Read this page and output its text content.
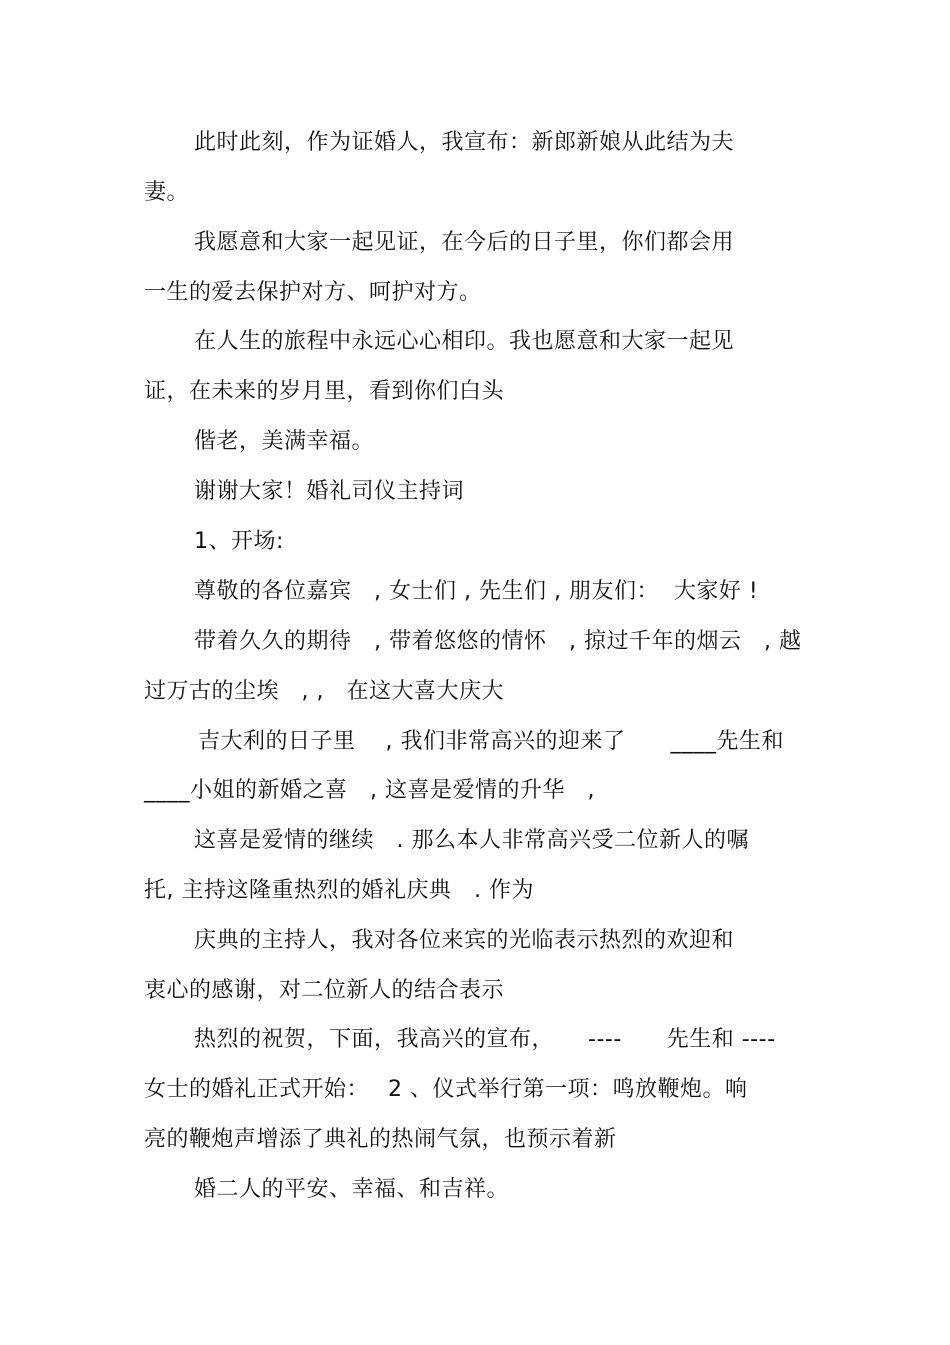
此时此刻，作为证婚人，我宣布：新郎新娘从此结为夫
妻。
我愿意和大家一起见证，在今后的日子里，你们都会用
一生的爱去保护对方、呵护对方。
在人生的旅程中永远心心相印。我也愿意和大家一起见
证，在未来的岁月里，看到你们白头
偕老，美满幸福。
谢谢大家！婚礼司仪主持词
1、开场:
尊敬的各位嘉宾　, 女士们 , 先生们 , 朋友们：  大家好 !
带着久久的期待　, 带着悠悠的情怀　, 掠过千年的烟云　, 越
过万古的尘埃　, ,　在这大喜大庆大
吉大利的日子里　 , 我们非常高兴的迎来了　　____先生和
____小姐的新婚之喜　, 这喜是爱情的升华　,
这喜是爱情的继续　. 那么本人非常高兴受二位新人的嘱
托, 主持这隆重热烈的婚礼庆典　. 作为
庆典的主持人，我对各位来宾的光临表示热烈的欢迎和
衷心的感谢，对二位新人的结合表示
热烈的祝贺，下面，我高兴的宣布，　　----　　先生和 ----
女士的婚礼正式开始：　 2 、仪式举行第一项：鸣放鞭炮。响
亮的鞭炮声增添了典礼的热闹气氛，也预示着新
婚二人的平安、幸福、和吉祥。
